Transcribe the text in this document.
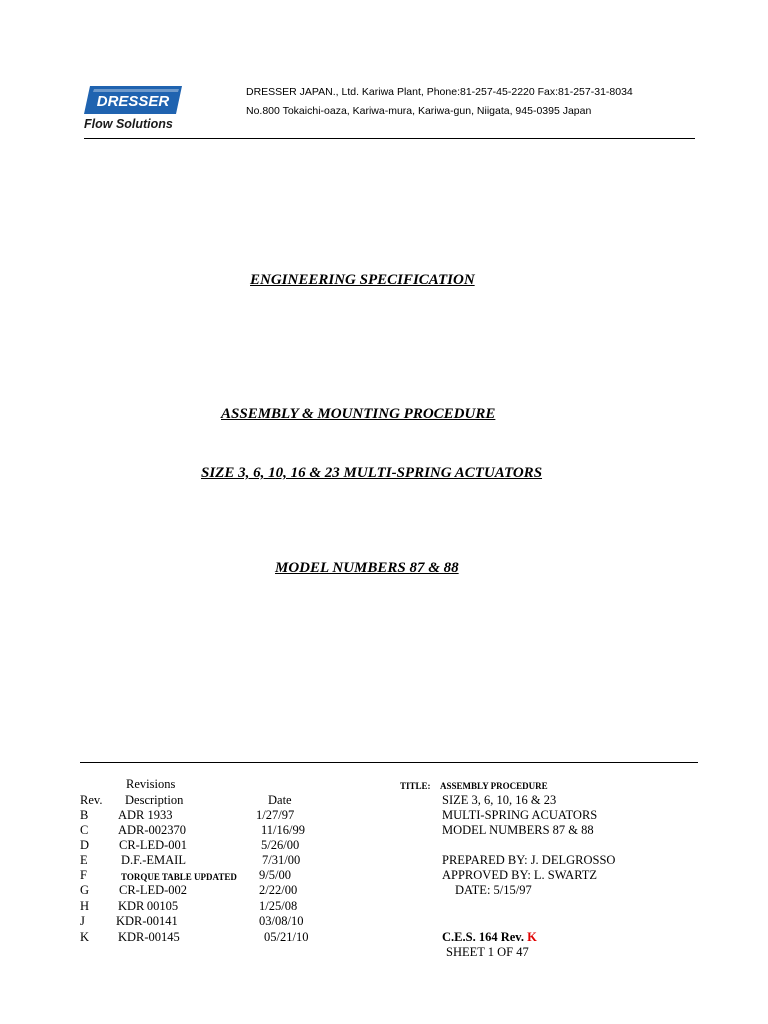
DRESSER
Flow Solutions
DRESSER JAPAN., Ltd. Kariwa Plant, Phone:81-257-45-2220 Fax:81-257-31-8034
No.800 Tokaichi-oaza, Kariwa-mura, Kariwa-gun, Niigata, 945-0395 Japan
ENGINEERING SPECIFICATION
ASSEMBLY & MOUNTING PROCEDURE
SIZE 3, 6, 10, 16 & 23 MULTI-SPRING ACTUATORS
MODEL NUMBERS 87 & 88
Revisions
Rev. Description	Date
B ADR 1933	1/27/97
C ADR-002370	11/16/99
D CR-LED-001	5/26/00
E	D.F.-EMAIL	7/31/00
F	TORQUE TABLE UPDATED 9/5/00
G CR-LED-002	2/22/00
H KDR 00105	1/25/08
J KDR-00141	03/08/10
K KDR-00145	05/21/10
TITLE: ASSEMBLY PROCEDURE
SIZE 3, 6, 10, 16 & 23
MULTI-SPRING ACUATORS
MODEL NUMBERS 87 & 88
PREPARED BY: J. DELGROSSO
APPROVED BY: L. SWARTZ
DATE: 5/15/97
C.E.S. 164 Rev. K
SHEET 1 OF 47
